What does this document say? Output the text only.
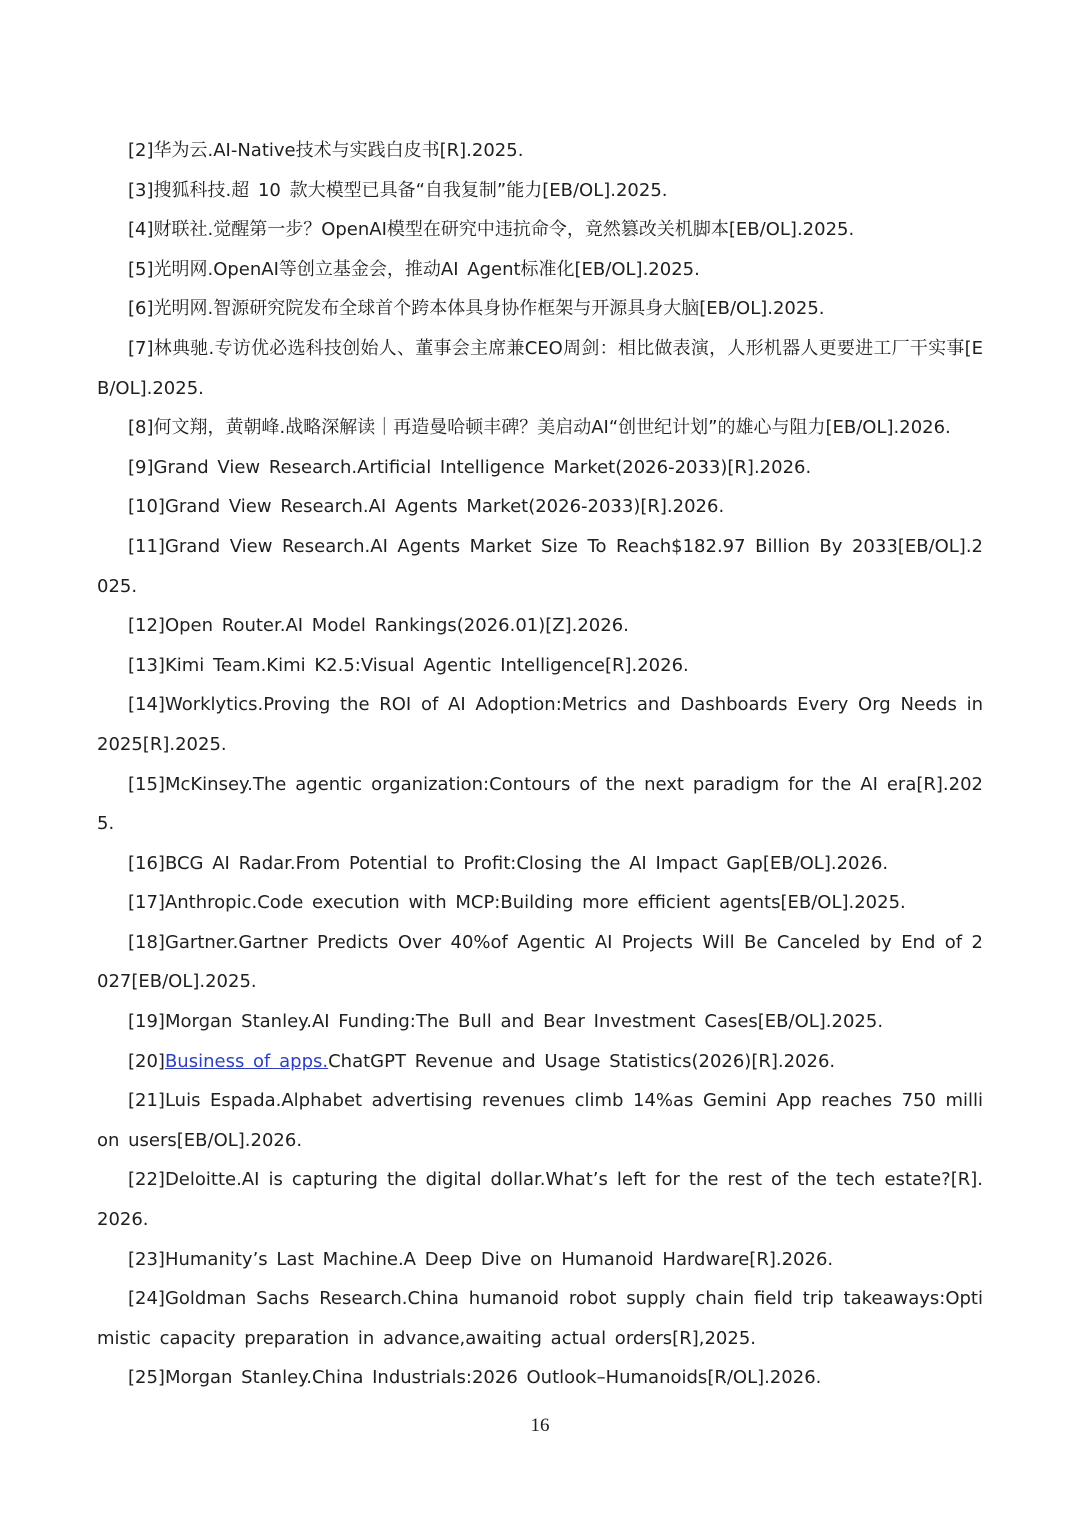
[2]华为云.AI-Native技术与实践白皮书[R].2025.

[3]搜狐科技.超 10 款大模型已具备“自我复制”能力[EB/OL].2025.

[4]财联社.觉醒第一步？OpenAI模型在研究中违抗命令，竟然篡改关机脚本[EB/OL].2025.

[5]光明网.OpenAI等创立基金会，推动AI Agent标准化[EB/OL].2025.

[6]光明网.智源研究院发布全球首个跨本体具身协作框架与开源具身大脑[EB/OL].2025.

[7]林典驰.专访优必选科技创始人、董事会主席兼CEO周剑：相比做表演，人形机器人更要进工厂干实事[EB/OL].2025.

[8]何文翔，黄朝峰.战略深解读｜再造曼哈顿丰碑？美启动AI“创世纪计划”的雄心与阻力[EB/OL].2026.

[9]Grand View Research.Artificial Intelligence Market(2026-2033)[R].2026.

[10]Grand View Research.AI Agents Market(2026-2033)[R].2026.

[11]Grand View Research.AI Agents Market Size To Reach$182.97 Billion By 2033[EB/OL].2025.

[12]Open Router.AI Model Rankings(2026.01)[Z].2026.

[13]Kimi Team.Kimi K2.5:Visual Agentic Intelligence[R].2026.

[14]Worklytics.Proving the ROI of AI Adoption:Metrics and Dashboards Every Org Needs in 2025[R].2025.

[15]McKinsey.The agentic organization:Contours of the next paradigm for the AI era[R].2025.

[16]BCG AI Radar.From Potential to Profit:Closing the AI Impact Gap[EB/OL].2026.

[17]Anthropic.Code execution with MCP:Building more efficient agents[EB/OL].2025.

[18]Gartner.Gartner Predicts Over 40%of Agentic AI Projects Will Be Canceled by End of 2027[EB/OL].2025.

[19]Morgan Stanley.AI Funding:The Bull and Bear Investment Cases[EB/OL].2025.

[20]Business of apps.ChatGPT Revenue and Usage Statistics(2026)[R].2026.

[21]Luis Espada.Alphabet advertising revenues climb 14%as Gemini App reaches 750 million users[EB/OL].2026.

[22]Deloitte.AI is capturing the digital dollar.What’s left for the rest of the tech estate?[R].2026.

[23]Humanity’s Last Machine.A Deep Dive on Humanoid Hardware[R].2026.

[24]Goldman Sachs Research.China humanoid robot supply chain field trip takeaways:Optimistic capacity preparation in advance,awaiting actual orders[R],2025.

[25]Morgan Stanley.China Industrials:2026 Outlook–Humanoids[R/OL].2026.

16
